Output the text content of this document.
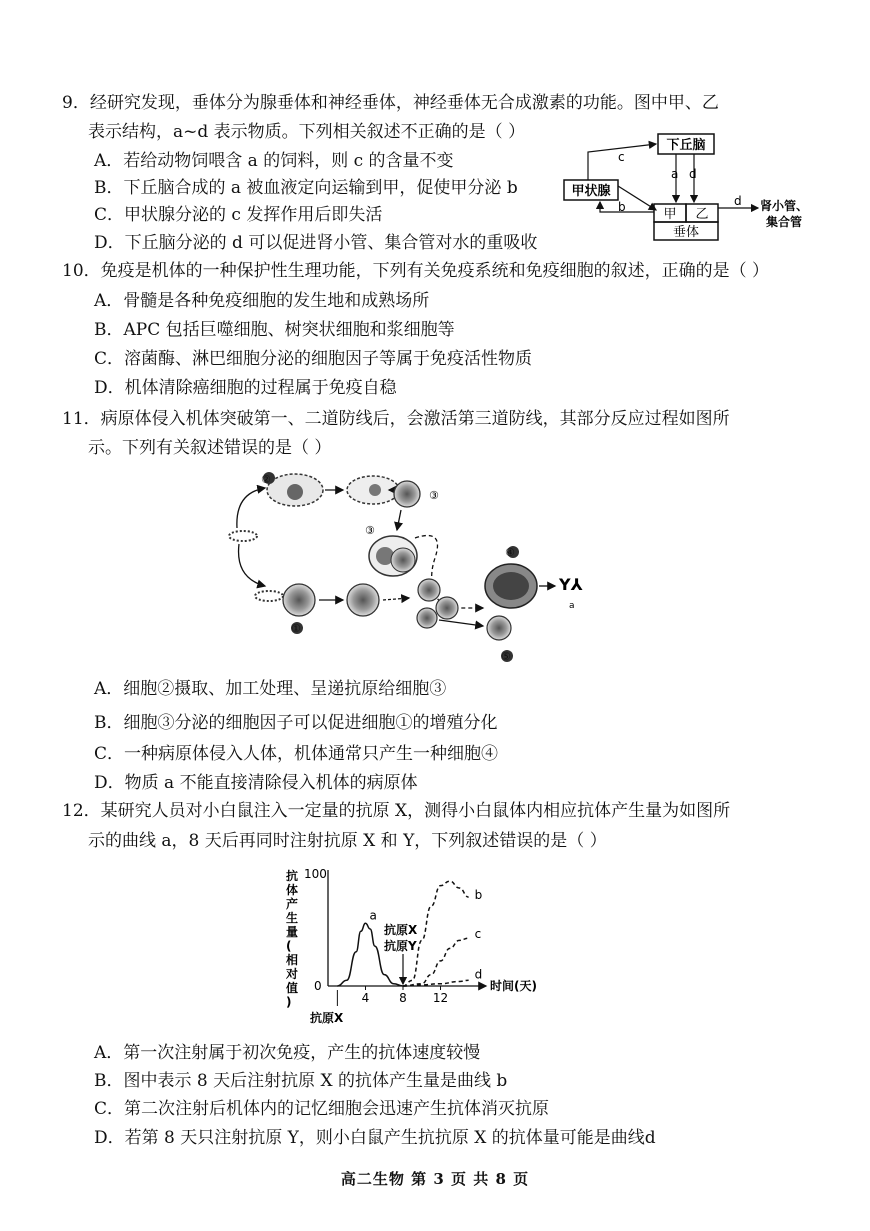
9．经研究发现，垂体分为腺垂体和神经垂体，神经垂体无合成激素的功能。图中甲、乙
表示结构，a~d 表示物质。下列相关叙述不正确的是（ ）
A．若给动物饲喂含 a 的饲料，则 c 的含量不变
B．下丘脑合成的 a 被血液定向运输到甲，促使甲分泌 b
C．甲状腺分泌的 c 发挥作用后即失活
D．下丘脑分泌的 d 可以促进肾小管、集合管对水的重吸收
下丘脑
甲状腺
甲 乙
垂体
c
a d
b	d 肾小管、
集合管
10．免疫是机体的一种保护性生理功能，下列有关免疫系统和免疫细胞的叙述，正确的是（ ）
A．骨髓是各种免疫细胞的发生地和成熟场所
B．APC 包括巨噬细胞、树突状细胞和浆细胞等
C．溶菌酶、淋巴细胞分泌的细胞因子等属于免疫活性物质
D．机体清除癌细胞的过程属于免疫自稳
11．病原体侵入机体突破第一、二道防线后，会激活第三道防线，其部分反应过程如图所
示。下列有关叙述错误的是（ ）
②
③
③
①
⑤
④
Y⅄
a
A．细胞②摄取、加工处理、呈递抗原给细胞③
B．细胞③分泌的细胞因子可以促进细胞①的增殖分化
C．一种病原体侵入人体，机体通常只产生一种细胞④
D．物质 a 不能直接清除侵入机体的病原体
12．某研究人员对小白鼠注入一定量的抗原 X，测得小白鼠体内相应抗体产生量为如图所
示的曲线 a，8 天后再同时注射抗原 X 和 Y，下列叙述错误的是（ ）
抗
体
产
生
量
(
相
对
值
)
100
0	时间(天)
4 8 12
a
b
c
d
抗原X
抗原X
抗原Y
A．第一次注射属于初次免疫，产生的抗体速度较慢
B．图中表示 8 天后注射抗原 X 的抗体产生量是曲线 b
C．第二次注射后机体内的记忆细胞会迅速产生抗体消灭抗原
D．若第 8 天只注射抗原 Y，则小白鼠产生抗抗原 X 的抗体量可能是曲线d
高二生物 第 3 页 共 8 页
